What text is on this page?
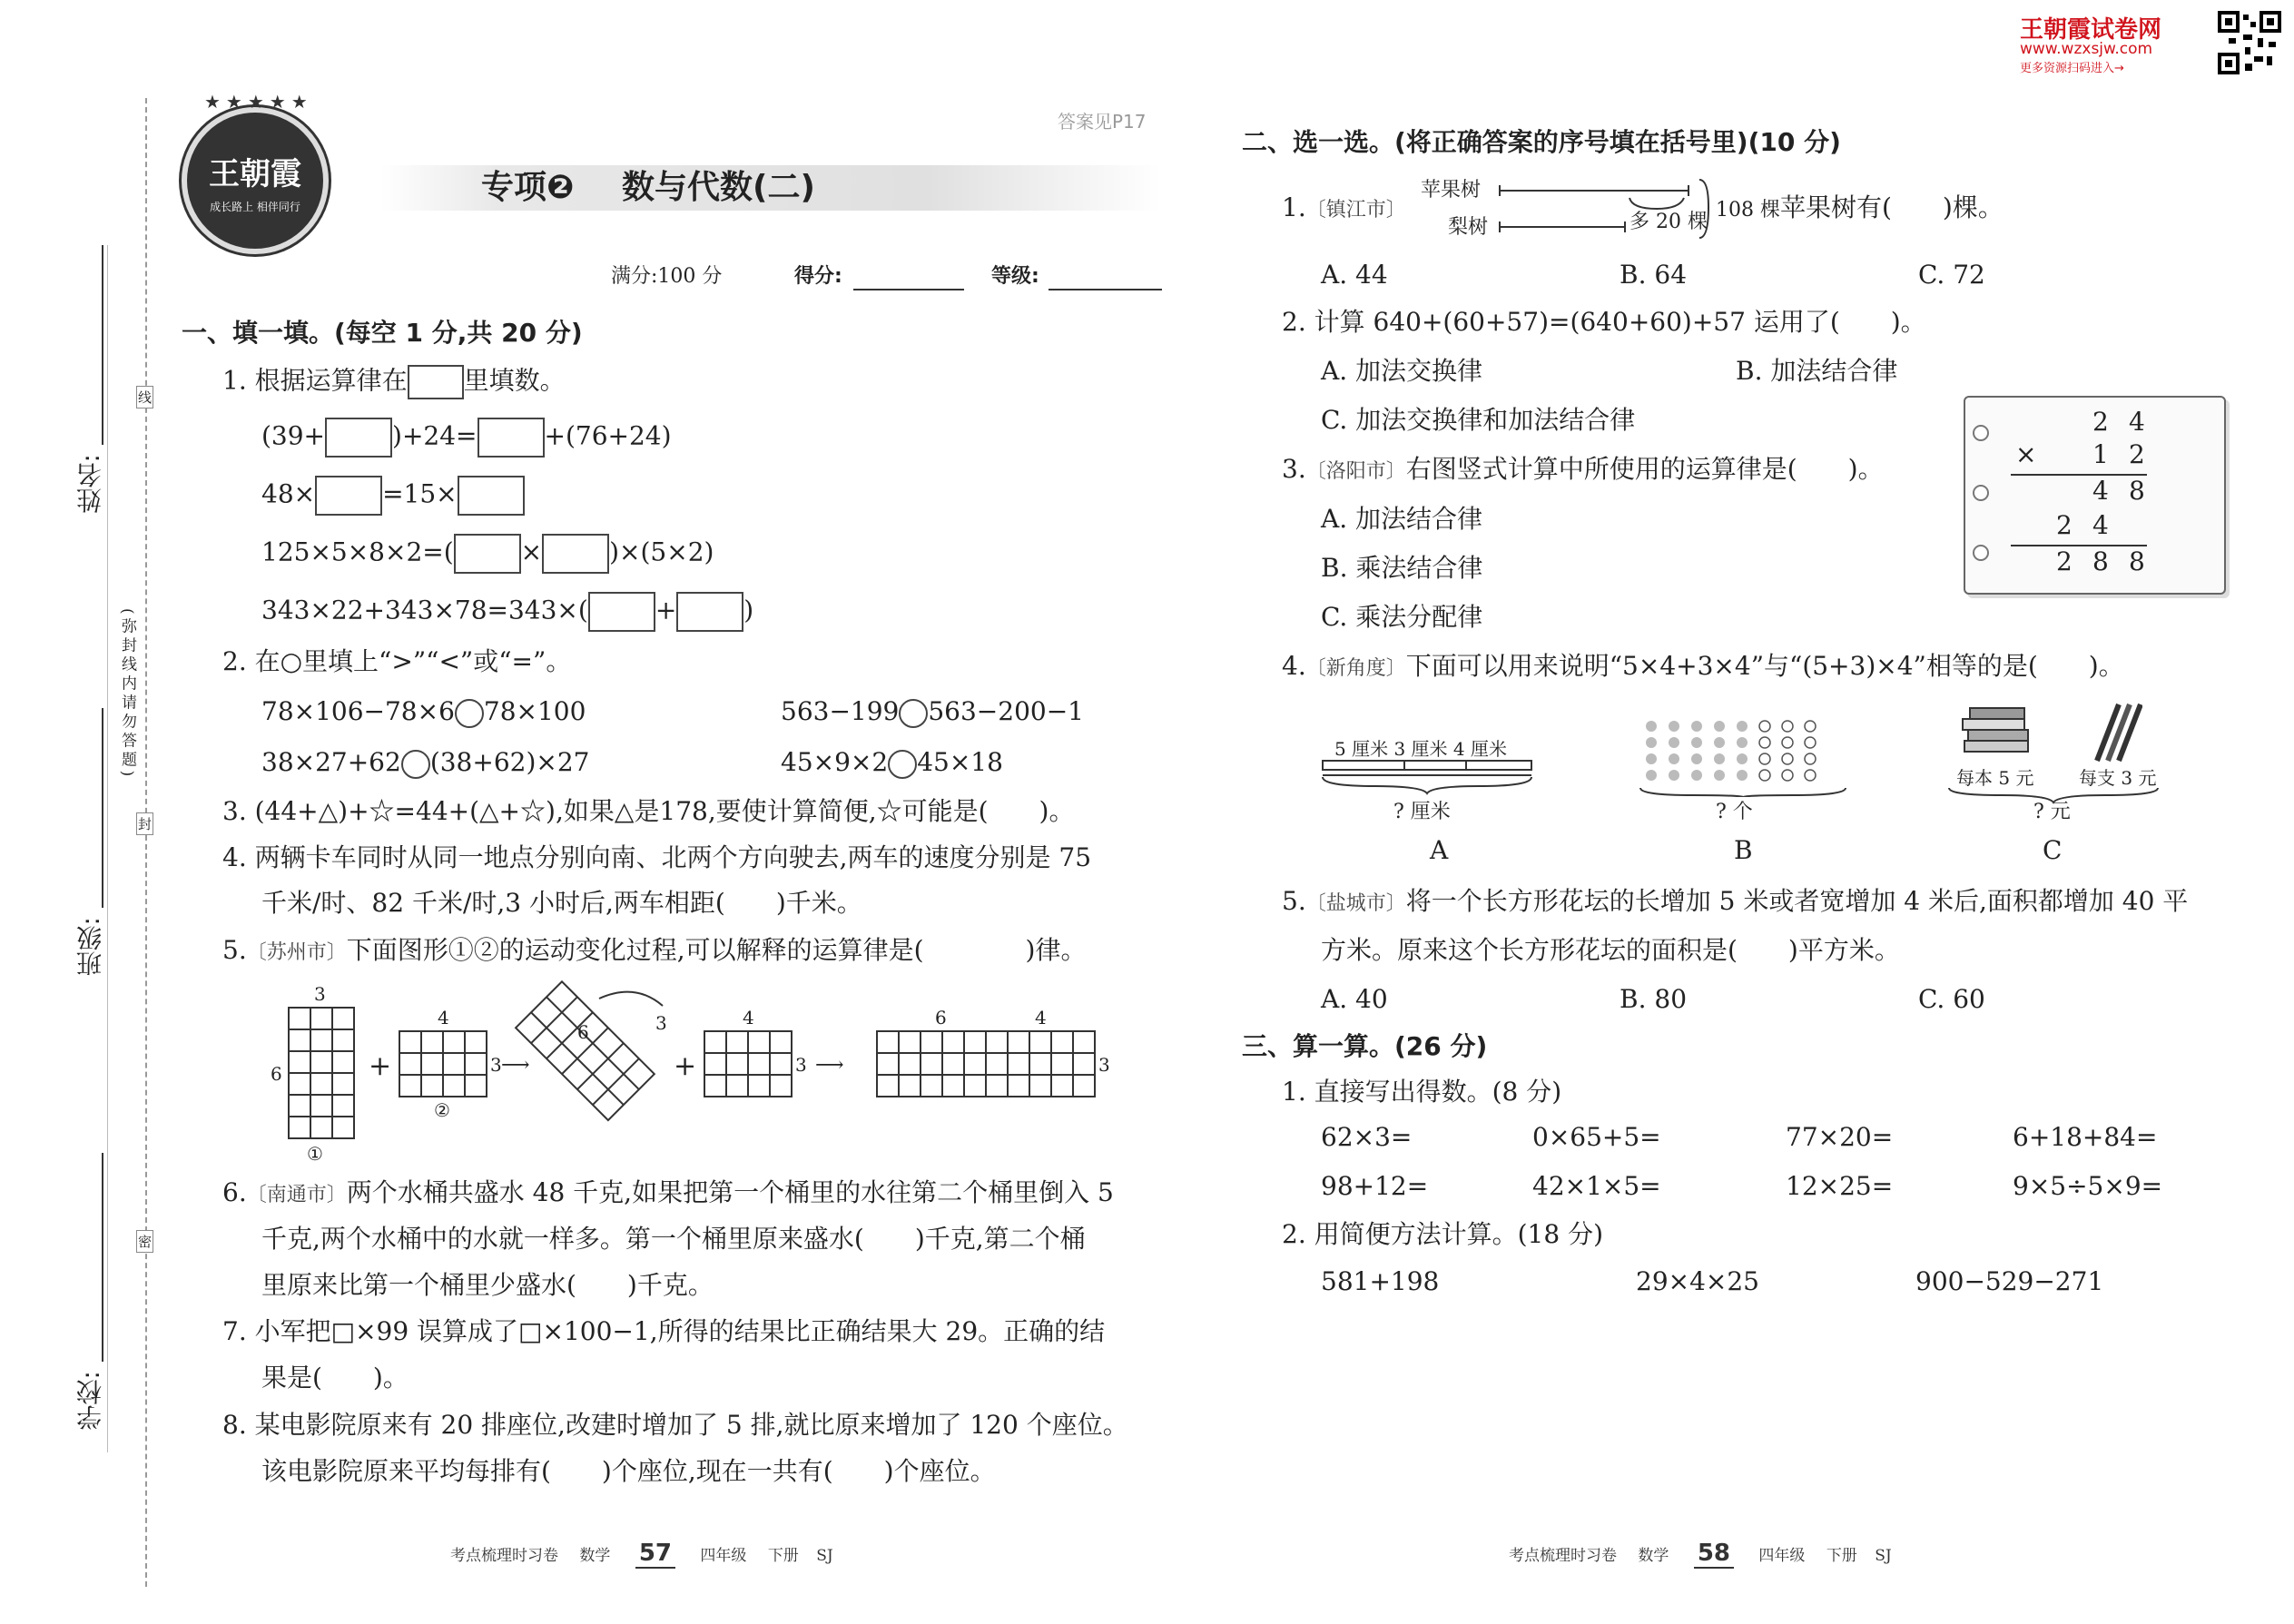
王朝霞试卷网
www.wzxsjw.com
更多资源扫码进入→
姓名:
班级:
学校:
(弥封线内请勿答题)
线
封
密
王朝霞
成长路上 相伴同行
★★★★★
答案见P17
专项❷ 数与代数(二)
满分:100 分	得分:	等级:
一、填一填。(每空 1 分,共 20 分)
1. 根据运算律在 里填数。
(39+	)+24=	+(76+24)
48×	=15×
125×5×8×2=(	×	)×(5×2)
343×22+343×78=343×(	+	)
2. 在○里填上“>”“<”或“=”。
78×106−78×6 78×100	563−199 563−200−1
38×27+62 (38+62)×27	45×9×2 45×18
3. (44+△)+☆=44+(△+☆),如果△是178,要使计算简便,☆可能是(　　)。
4. 两辆卡车同时从同一地点分别向南、北两个方向驶去,两车的速度分别是 75
千米/时、82 千米/时,3 小时后,两车相距(　　)千米。
5.〔苏州市〕下面图形①②的运动变化过程,可以解释的运算律是(　　　　)律。
3
6
①
+
4
3
②
⟶
6	3
+
4
3 ⟶
6	4
3
6.〔南通市〕两个水桶共盛水 48 千克,如果把第一个桶里的水往第二个桶里倒入 5
千克,两个水桶中的水就一样多。第一个桶里原来盛水(　　)千克,第二个桶
里原来比第一个桶里少盛水(　　)千克。
7. 小军把□×99 误算成了□×100−1,所得的结果比正确结果大 29。正确的结
果是(　　)。
8. 某电影院原来有 20 排座位,改建时增加了 5 排,就比原来增加了 120 个座位。
该电影院原来平均每排有(　　)个座位,现在一共有(　　)个座位。
二、选一选。(将正确答案的序号填在括号里)(10 分)
1.〔镇江市〕
苹果树
梨树	多 20 棵
108 棵苹果树有(　　)棵。
A. 44	B. 64	C. 72
2. 计算 640+(60+57)=(640+60)+57 运用了(　　)。
A. 加法交换律	B. 加法结合律
C. 加法交换律和加法结合律
3.〔洛阳市〕右图竖式计算中所使用的运算律是(　　)。
A. 加法结合律
B. 乘法结合律
C. 乘法分配律
2 4
× 1 2
4 8
2 4
2 8 8
4.〔新角度〕下面可以用来说明“5×4+3×4”与“(5+3)×4”相等的是(　　)。
5 厘米 3 厘米 4 厘米
? 厘米
A
? 个
B
每本 5 元 每支 3 元
? 元
C
5.〔盐城市〕将一个长方形花坛的长增加 5 米或者宽增加 4 米后,面积都增加 40 平
方米。原来这个长方形花坛的面积是(　　)平方米。
A. 40	B. 80	C. 60
三、算一算。(26 分)
1. 直接写出得数。(8 分)
62×3=	0×65+5=	77×20=	6+18+84=
98+12=	42×1×5=	12×25=	9×5÷5×9=
2. 用简便方法计算。(18 分)
581+198	29×4×25	900−529−271
考点梳理时习卷 数学 57 四年级 下册 SJ	考点梳理时习卷 数学 58 四年级 下册 SJ
